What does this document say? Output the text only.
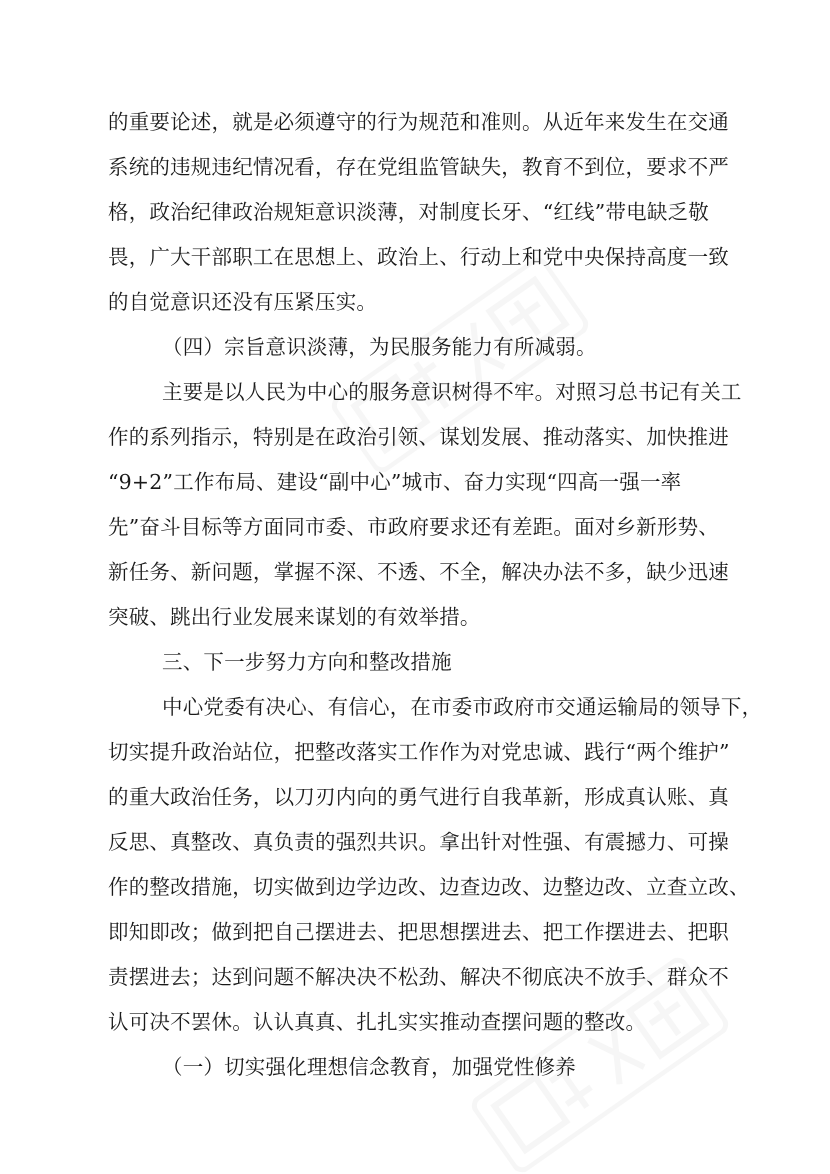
的重要论述，就是必须遵守的行为规范和准则。从近年来发生在交通
系统的违规违纪情况看，存在党组监管缺失，教育不到位，要求不严
格，政治纪律政治规矩意识淡薄，对制度长牙、“红线”带电缺乏敬
畏，广大干部职工在思想上、政治上、行动上和党中央保持高度一致
的自觉意识还没有压紧压实。
（四）宗旨意识淡薄，为民服务能力有所减弱。
主要是以人民为中心的服务意识树得不牢。对照习总书记有关工
作的系列指示，特别是在政治引领、谋划发展、推动落实、加快推进
“9+2”工作布局、建设“副中心”城市、奋力实现“四高一强一率
先”奋斗目标等方面同市委、市政府要求还有差距。面对乡新形势、
新任务、新问题，掌握不深、不透、不全，解决办法不多，缺少迅速
突破、跳出行业发展来谋划的有效举措。
三、下一步努力方向和整改措施
中心党委有决心、有信心，在市委市政府市交通运输局的领导下，
切实提升政治站位，把整改落实工作作为对党忠诚、践行“两个维护”
的重大政治任务，以刀刃内向的勇气进行自我革新，形成真认账、真
反思、真整改、真负责的强烈共识。拿出针对性强、有震撼力、可操
作的整改措施，切实做到边学边改、边查边改、边整边改、立查立改、
即知即改；做到把自己摆进去、把思想摆进去、把工作摆进去、把职
责摆进去；达到问题不解决决不松劲、解决不彻底决不放手、群众不
认可决不罢休。认认真真、扎扎实实推动查摆问题的整改。
（一）切实强化理想信念教育，加强党性修养
